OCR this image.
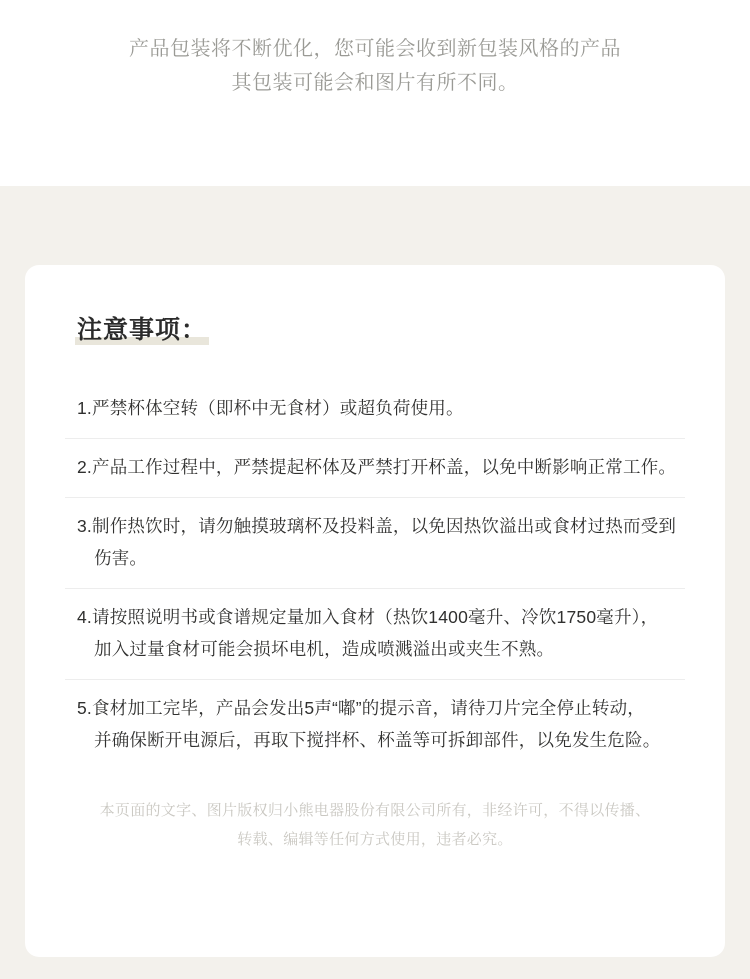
产品包装将不断优化，您可能会收到新包装风格的产品
其包装可能会和图片有所不同。
注意事项：
1.严禁杯体空转（即杯中无食材）或超负荷使用。
2.产品工作过程中，严禁提起杯体及严禁打开杯盖，以免中断影响正常工作。
3.制作热饮时，请勿触摸玻璃杯及投料盖，以免因热饮溢出或食材过热而受到
伤害。
4.请按照说明书或食谱规定量加入食材（热饮1400毫升、冷饮1750毫升），
加入过量食材可能会损坏电机，造成喷溅溢出或夹生不熟。
5.食材加工完毕，产品会发出5声“嘟”的提示音，请待刀片完全停止转动，
并确保断开电源后，再取下搅拌杯、杯盖等可拆卸部件，以免发生危险。
本页面的文字、图片版权归小熊电器股份有限公司所有，非经许可，不得以传播、
转载、编辑等任何方式使用，违者必究。
